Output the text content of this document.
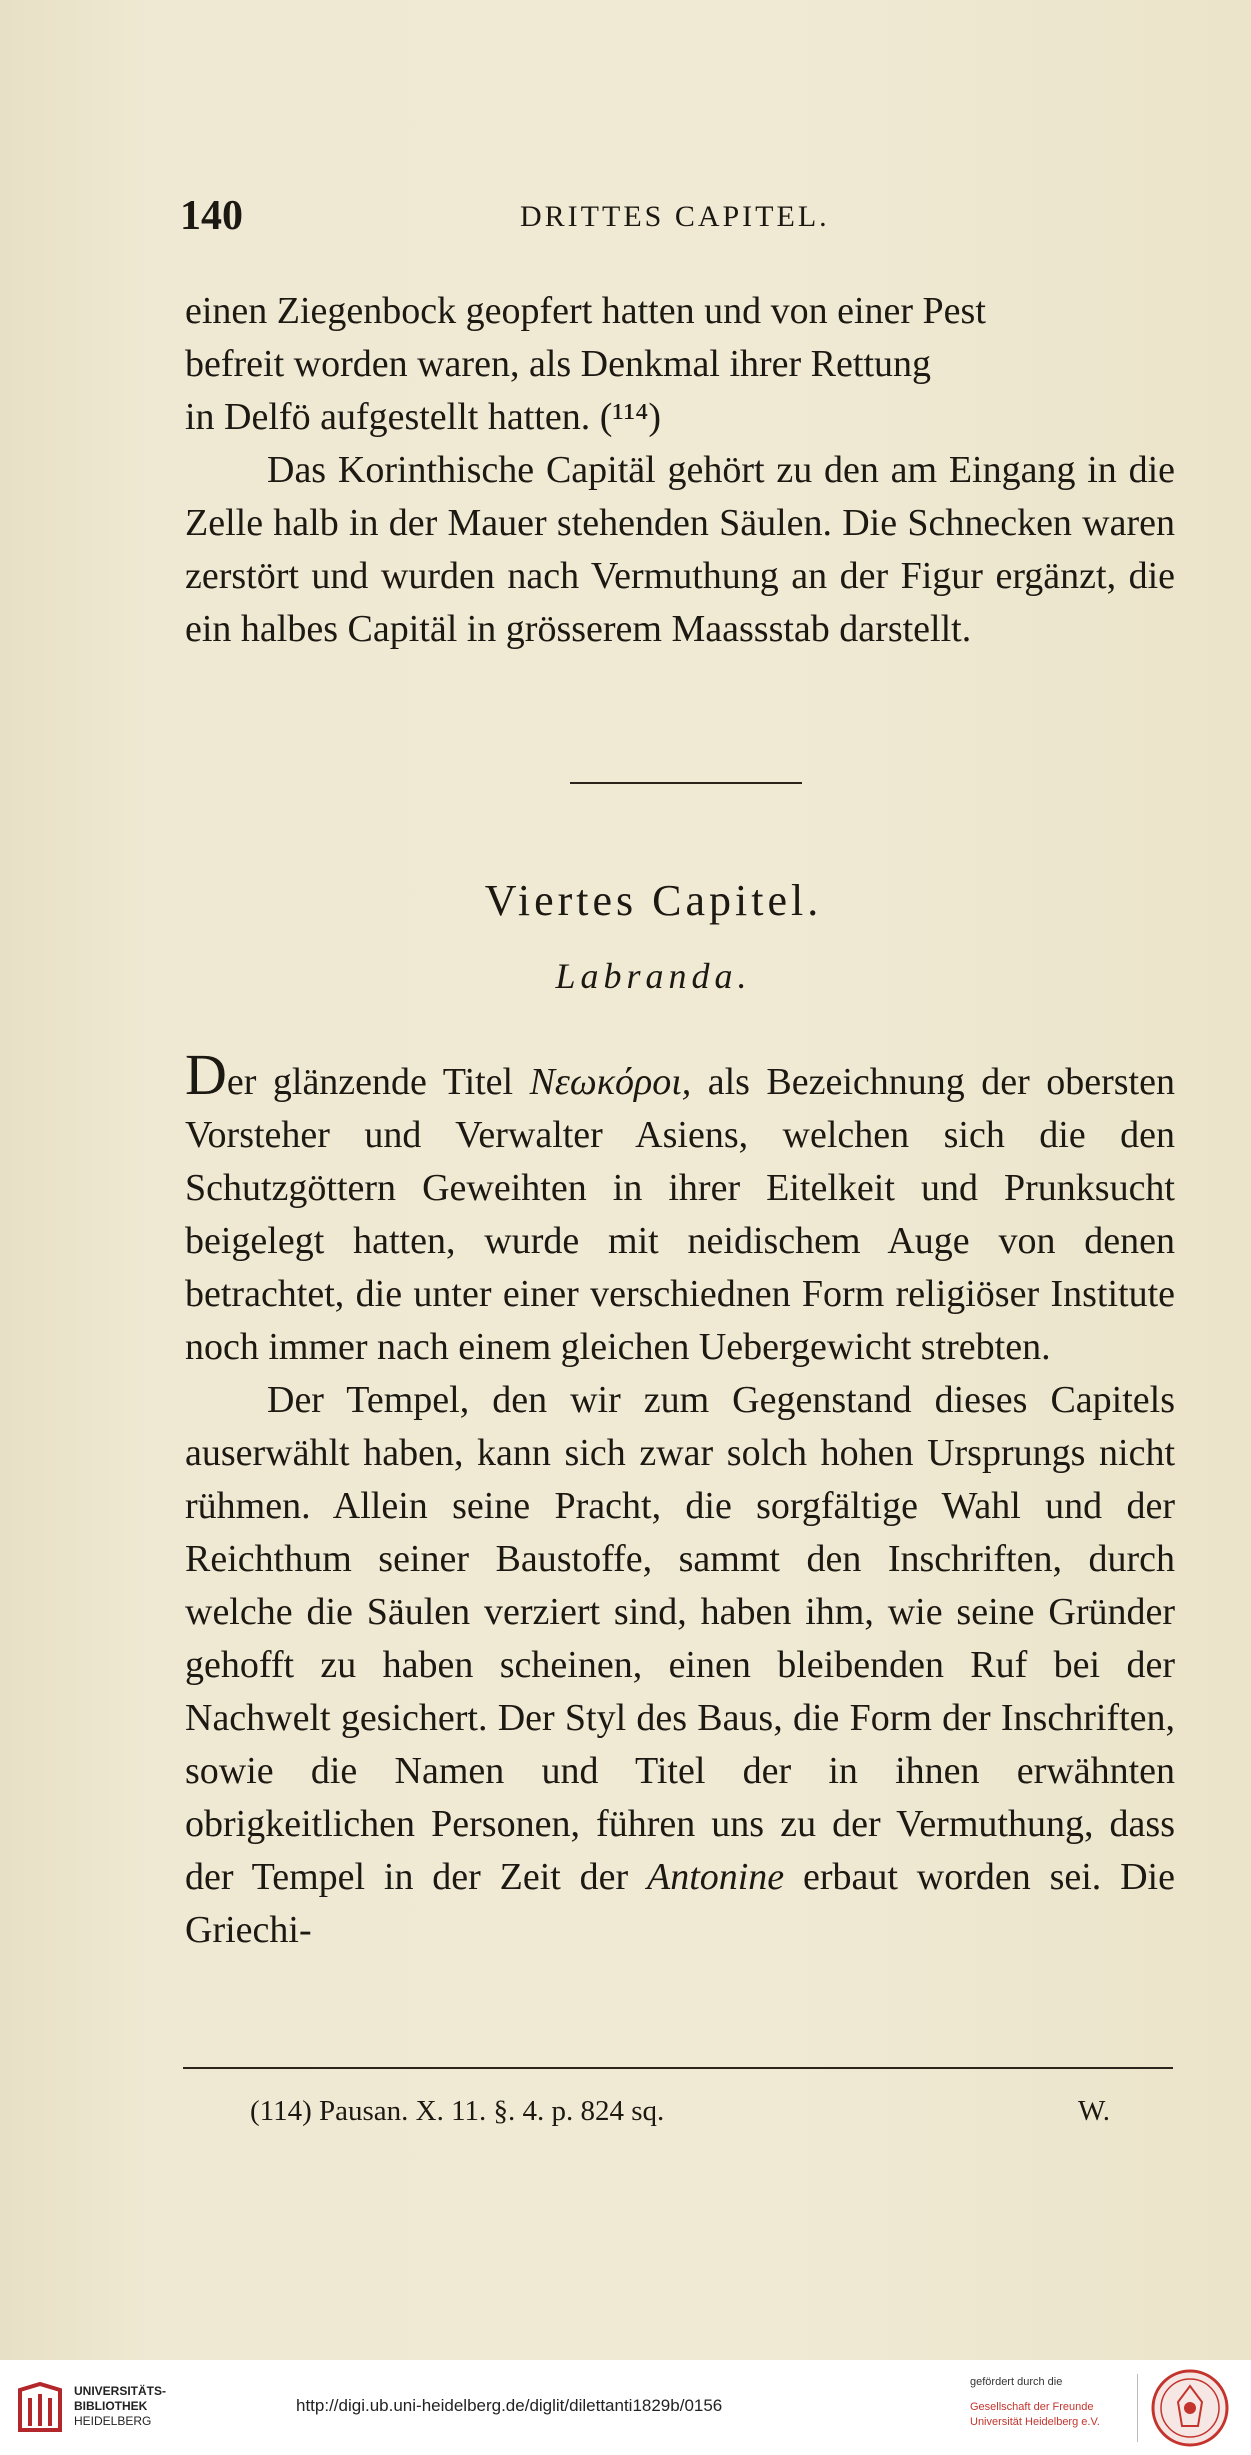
140	DRITTES CAPITEL.

einen Ziegenbock geopfert hatten und von einer Pest
befreit worden waren, als Denkmal ihrer Rettung
in Delfö aufgestellt hatten. (¹¹⁴)

Das Korinthische Capitäl gehört zu den am Eingang in die Zelle halb in der Mauer stehenden Säulen. Die Schnecken waren zerstört und wurden nach Vermuthung an der Figur ergänzt, die ein halbes Capitäl in grösserem Maassstab darstellt.

Viertes Capitel.
Labranda.

Der glänzende Titel Νεωκόροι, als Bezeichnung der obersten Vorsteher und Verwalter Asiens, welchen sich die den Schutzgöttern Geweihten in ihrer Eitelkeit und Prunksucht beigelegt hatten, wurde mit neidischem Auge von denen betrachtet, die unter einer verschiednen Form religiöser Institute noch immer nach einem gleichen Uebergewicht strebten.

Der Tempel, den wir zum Gegenstand dieses Capitels auserwählt haben, kann sich zwar solch hohen Ursprungs nicht rühmen. Allein seine Pracht, die sorgfältige Wahl und der Reichthum seiner Baustoffe, sammt den Inschriften, durch welche die Säulen verziert sind, haben ihm, wie seine Gründer gehofft zu haben scheinen, einen bleibenden Ruf bei der Nachwelt gesichert. Der Styl des Baus, die Form der Inschriften, sowie die Namen und Titel der in ihnen erwähnten obrigkeitlichen Personen, führen uns zu der Vermuthung, dass der Tempel in der Zeit der Antonine erbaut worden sei. Die Griechi-

(114) Pausan. X. 11. §. 4. p. 824 sq.	W.
UNIVERSITÄTS-
BIBLIOTHEK
HEIDELBERG
http://digi.ub.uni-heidelberg.de/diglit/dilettanti1829b/0156
gefördert durch die
Gesellschaft der Freunde
Universität Heidelberg e.V.
